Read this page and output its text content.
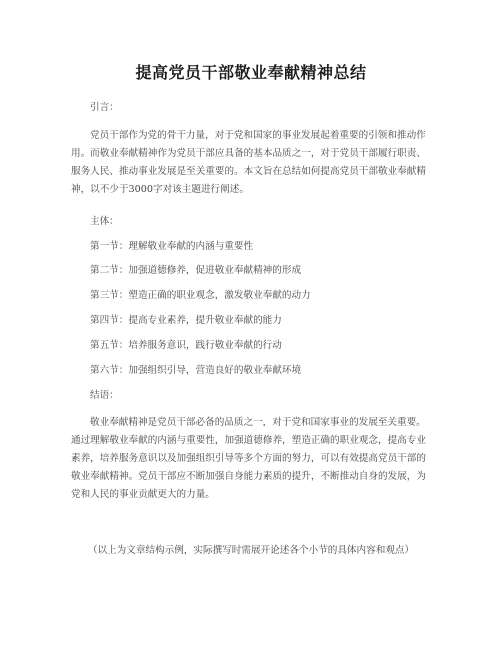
提高党员干部敬业奉献精神总结

引言：

党员干部作为党的骨干力量，对于党和国家的事业发展起着重要的引领和推动作用。而敬业奉献精神作为党员干部应具备的基本品质之一，对于党员干部履行职责、服务人民、推动事业发展是至关重要的。本文旨在总结如何提高党员干部敬业奉献精神，以不少于3000字对该主题进行阐述。

主体：

第一节：理解敬业奉献的内涵与重要性

第二节：加强道德修养，促进敬业奉献精神的形成

第三节：塑造正确的职业观念，激发敬业奉献的动力

第四节：提高专业素养，提升敬业奉献的能力

第五节：培养服务意识，践行敬业奉献的行动

第六节：加强组织引导，营造良好的敬业奉献环境

结语：

敬业奉献精神是党员干部必备的品质之一，对于党和国家事业的发展至关重要。通过理解敬业奉献的内涵与重要性，加强道德修养，塑造正确的职业观念，提高专业素养，培养服务意识以及加强组织引导等多个方面的努力，可以有效提高党员干部的敬业奉献精神。党员干部应不断加强自身能力素质的提升，不断推动自身的发展，为党和人民的事业贡献更大的力量。

（以上为文章结构示例，实际撰写时需展开论述各个小节的具体内容和观点）
